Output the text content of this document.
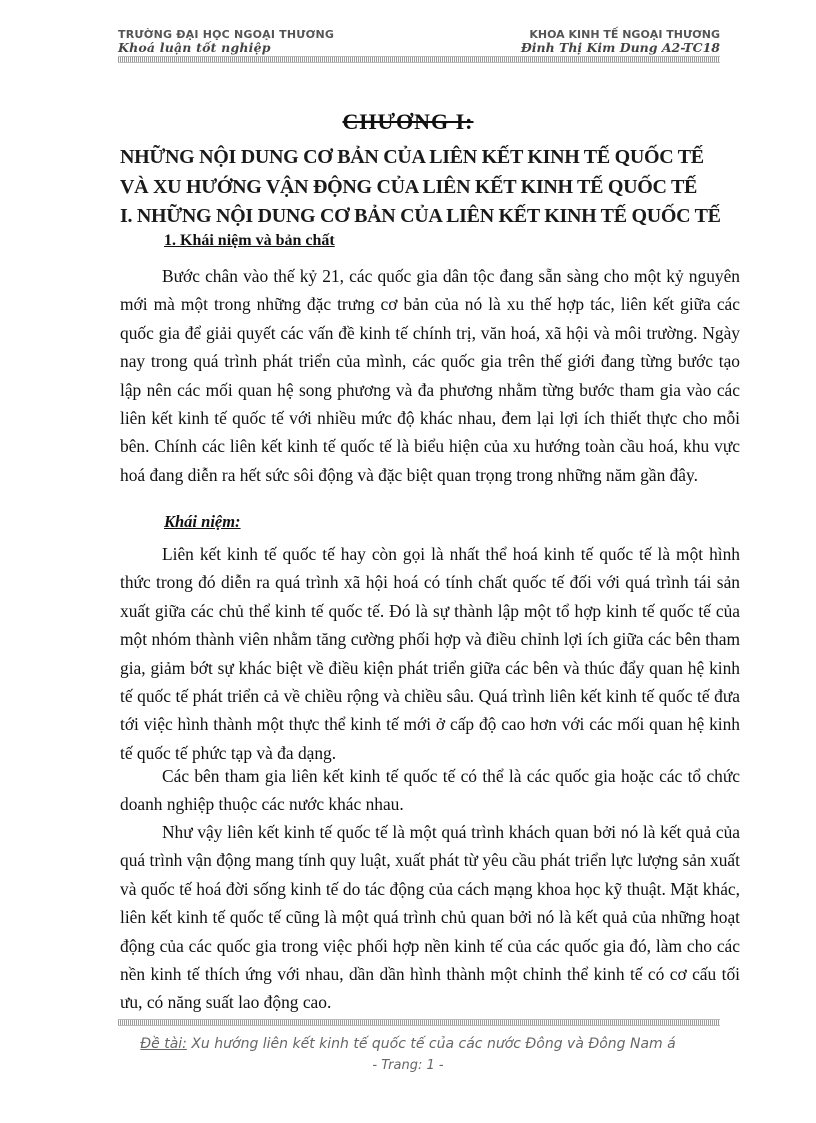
TRƯỜNG ĐẠI HỌC NGOẠI THƯƠNG
Khoá luận tốt nghiệp
KHOA KINH TẾ NGOẠI THƯƠNG
Đinh Thị Kim Dung A2-TC18
CHƯƠNG I:
NHỮNG NỘI DUNG CƠ BẢN CỦA LIÊN KẾT KINH TẾ QUỐC TẾ
VÀ XU HƯỚNG VẬN ĐỘNG CỦA LIÊN KẾT KINH TẾ QUỐC TẾ
I. NHỮNG NỘI DUNG CƠ BẢN CỦA LIÊN KẾT KINH TẾ QUỐC TẾ
1. Khái niệm và bản chất

Bước chân vào thế kỷ 21, các quốc gia dân tộc đang sẵn sàng cho một kỷ nguyên mới mà một trong những đặc trưng cơ bản của nó là xu thế hợp tác, liên kết giữa các quốc gia để giải quyết các vấn đề kinh tế chính trị, văn hoá, xã hội và môi trường. Ngày nay trong quá trình phát triển của mình, các quốc gia trên thế giới đang từng bước tạo lập nên các mối quan hệ song phương và đa phương nhằm từng bước tham gia vào các liên kết kinh tế quốc tế với nhiều mức độ khác nhau, đem lại lợi ích thiết thực cho mỗi bên. Chính các liên kết kinh tế quốc tế là biểu hiện của xu hướng toàn cầu hoá, khu vực hoá đang diễn ra hết sức sôi động và đặc biệt quan trọng trong những năm gần đây.

Khái niệm:

Liên kết kinh tế quốc tế hay còn gọi là nhất thể hoá kinh tế quốc tế là một hình thức trong đó diễn ra quá trình xã hội hoá có tính chất quốc tế đối với quá trình tái sản xuất giữa các chủ thể kinh tế quốc tế. Đó là sự thành lập một tổ hợp kinh tế quốc tế của một nhóm thành viên nhằm tăng cường phối hợp và điều chỉnh lợi ích giữa các bên tham gia, giảm bớt sự khác biệt về điều kiện phát triển giữa các bên và thúc đẩy quan hệ kinh tế quốc tế phát triển cả về chiều rộng và chiều sâu. Quá trình liên kết kinh tế quốc tế đưa tới việc hình thành một thực thể kinh tế mới ở cấp độ cao hơn với các mối quan hệ kinh tế quốc tế phức tạp và đa dạng.

Các bên tham gia liên kết kinh tế quốc tế có thể là các quốc gia hoặc các tổ chức doanh nghiệp thuộc các nước khác nhau.

Như vậy liên kết kinh tế quốc tế là một quá trình khách quan bởi nó là kết quả của quá trình vận động mang tính quy luật, xuất phát từ yêu cầu phát triển lực lượng sản xuất và quốc tế hoá đời sống kinh tế do tác động của cách mạng khoa học kỹ thuật. Mặt khác, liên kết kinh tế quốc tế cũng là một quá trình chủ quan bởi nó là kết quả của những hoạt động của các quốc gia trong việc phối hợp nền kinh tế của các quốc gia đó, làm cho các nền kinh tế thích ứng với nhau, dần dần hình thành một chỉnh thể kinh tế có cơ cấu tối ưu, có năng suất lao động cao.

Đề tài: Xu hướng liên kết kinh tế quốc tế của các nước Đông và Đông Nam á
- Trang: 1 -
